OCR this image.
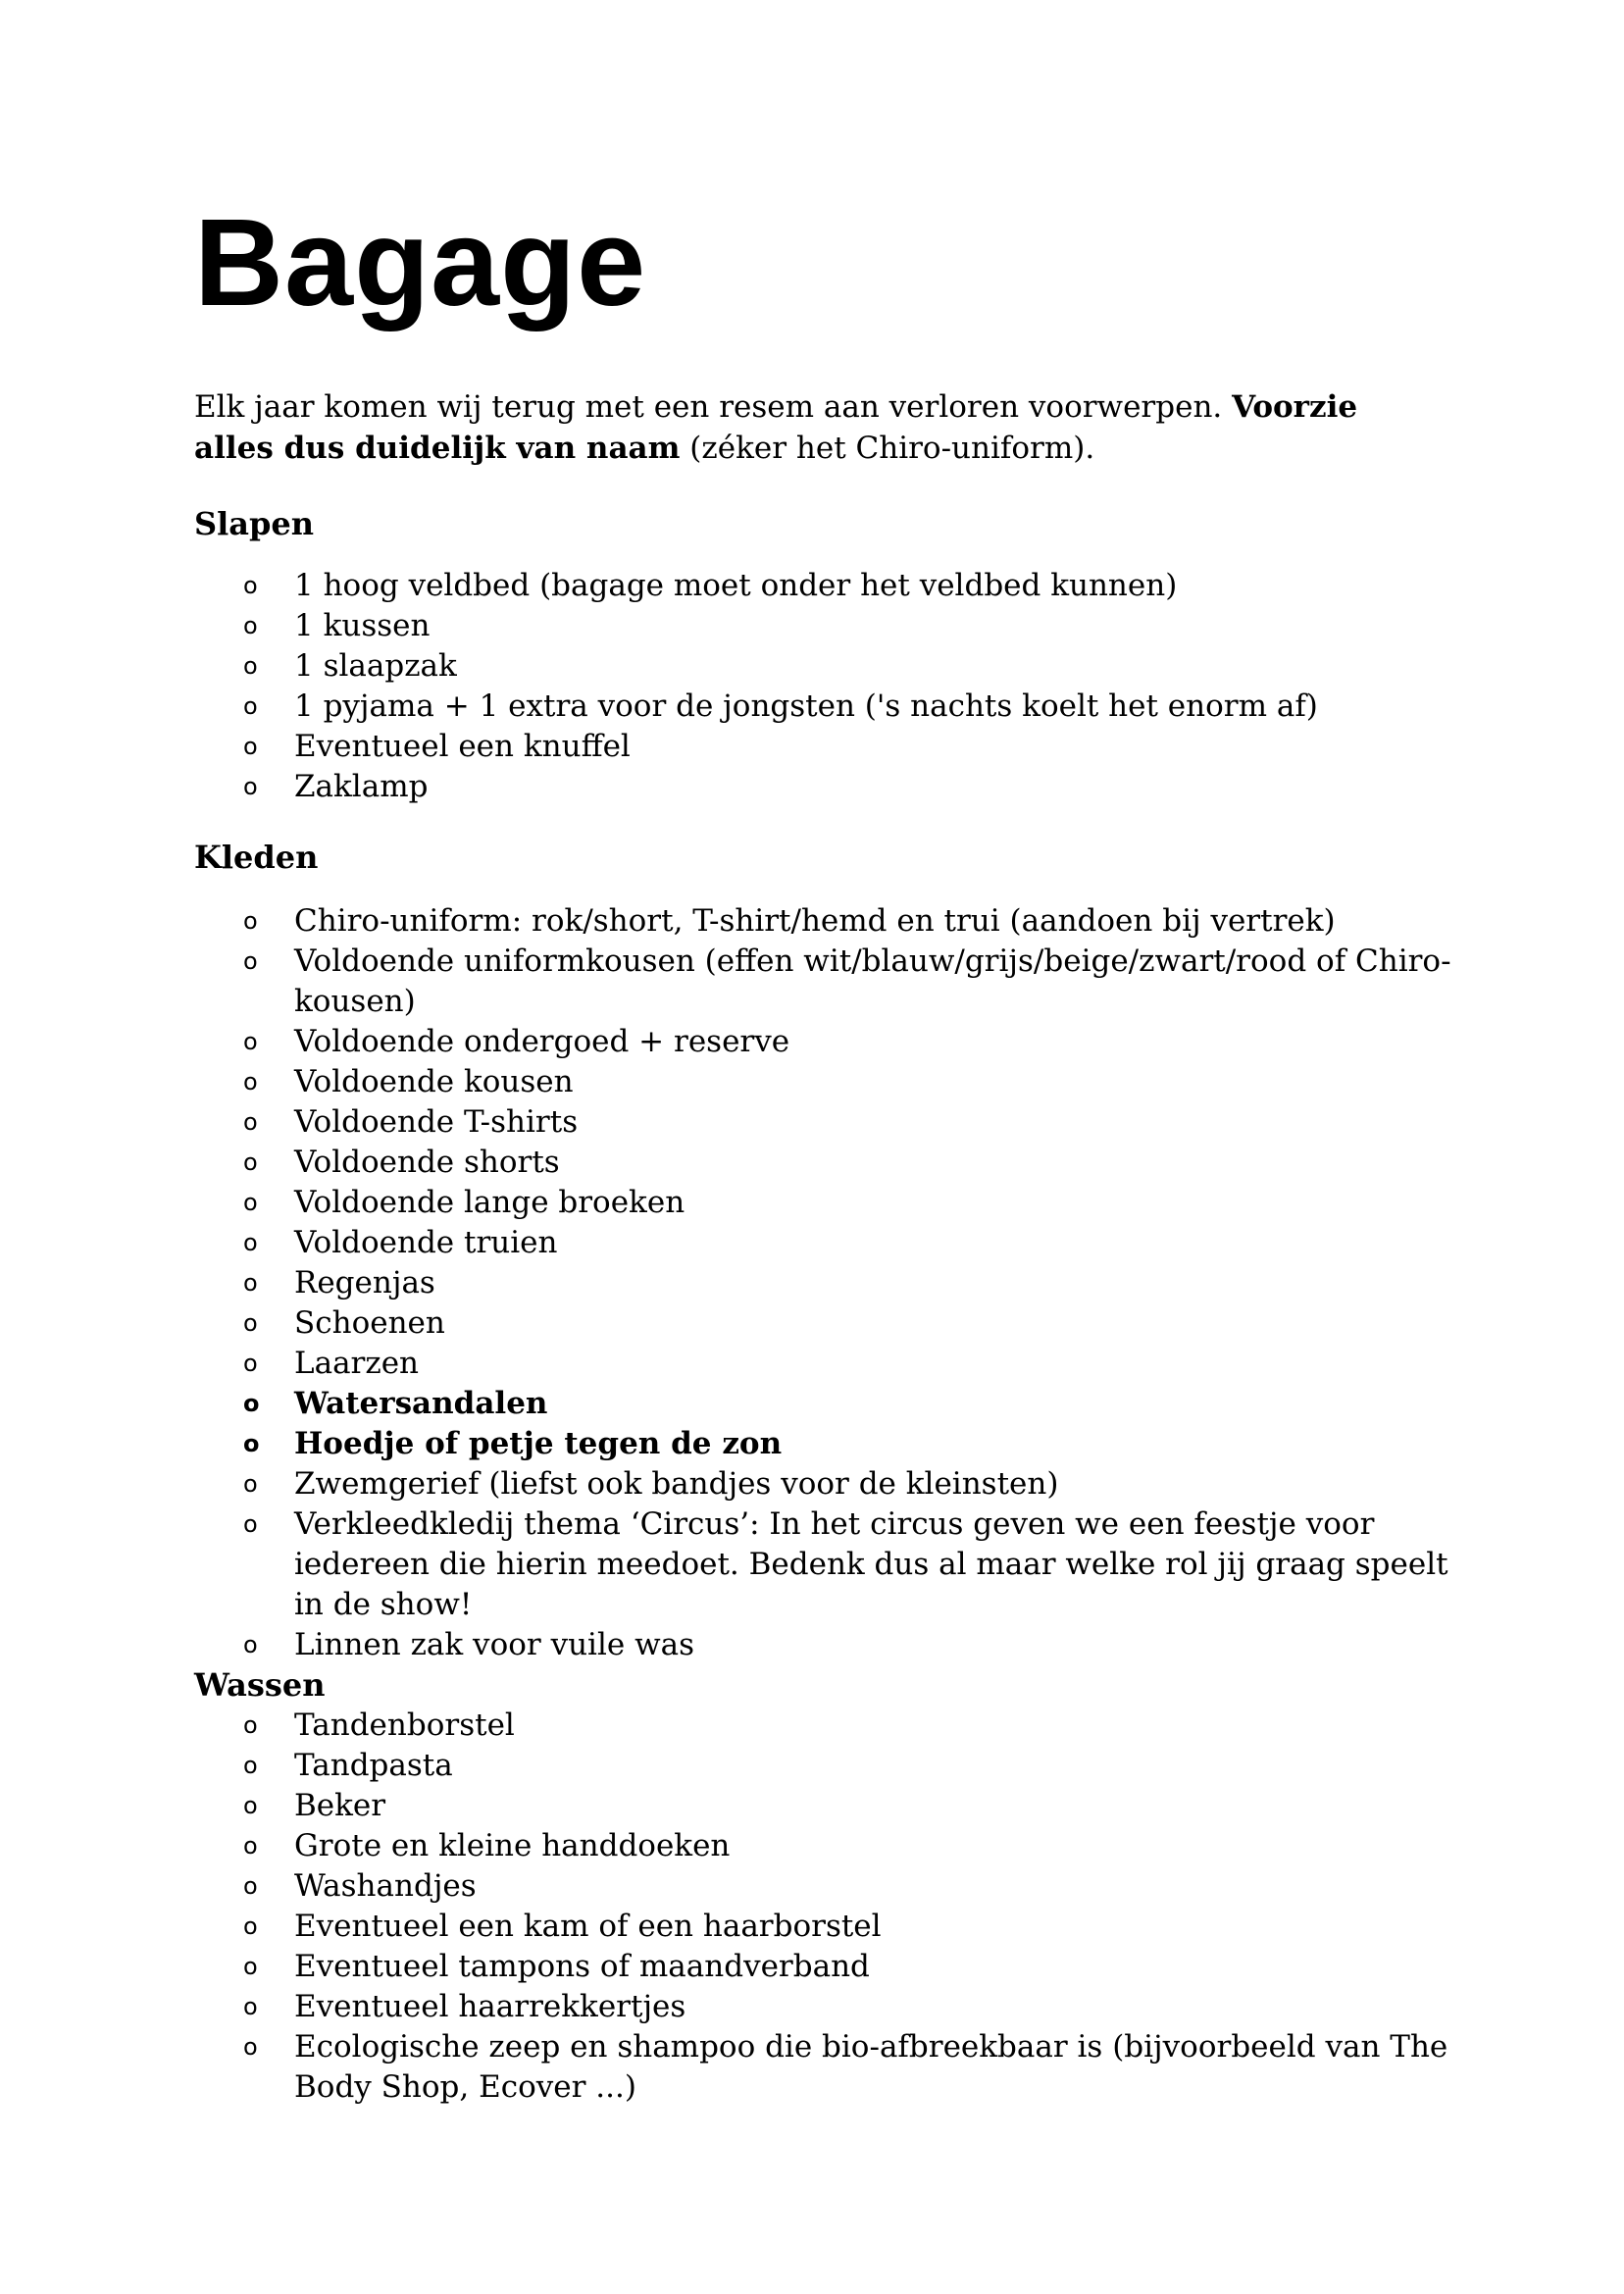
Bagage

Elk jaar komen wij terug met een resem aan verloren voorwerpen. Voorzie alles dus duidelijk van naam (zéker het Chiro-uniform).

Slapen
o 1 hoog veldbed (bagage moet onder het veldbed kunnen)
o 1 kussen
o 1 slaapzak
o 1 pyjama + 1 extra voor de jongsten ('s nachts koelt het enorm af)
o Eventueel een knuffel
o Zaklamp
Kleden
o Chiro-uniform: rok/short, T-shirt/hemd en trui (aandoen bij vertrek)
o Voldoende uniformkousen (effen wit/blauw/grijs/beige/zwart/rood of Chiro-kousen)
o Voldoende ondergoed + reserve
o Voldoende kousen
o Voldoende T-shirts
o Voldoende shorts
o Voldoende lange broeken
o Voldoende truien
o Regenjas
o Schoenen
o Laarzen
o Watersandalen
o Hoedje of petje tegen de zon
o Zwemgerief (liefst ook bandjes voor de kleinsten)
o Verkleedkledij thema ‘Circus’: In het circus geven we een feestje voor iedereen die hierin meedoet. Bedenk dus al maar welke rol jij graag speelt in de show!
o Linnen zak voor vuile was
Wassen
o Tandenborstel
o Tandpasta
o Beker
o Grote en kleine handdoeken
o Washandjes
o Eventueel een kam of een haarborstel
o Eventueel tampons of maandverband
o Eventueel haarrekkertjes
o Ecologische zeep en shampoo die bio-afbreekbaar is (bijvoorbeeld van The Body Shop, Ecover ...)
